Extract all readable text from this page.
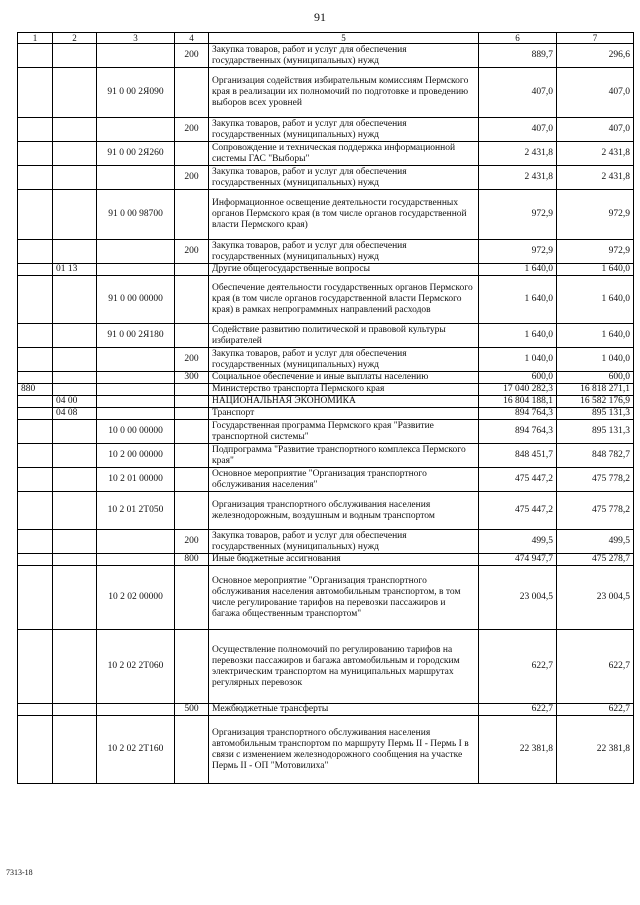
91
1	2	3	4	5	6	7
			200	Закупка товаров, работ и услуг для обеспечения государственных (муниципальных) нужд	889,7	296,6
		91 0 00 2Я090		Организация содействия избирательным комиссиям Пермского края в реализации их полномочий по подготовке и проведению выборов всех уровней	407,0	407,0
			200	Закупка товаров, работ и услуг для обеспечения государственных (муниципальных) нужд	407,0	407,0
		91 0 00 2Я260		Сопровождение и техническая поддержка информационной системы ГАС "Выборы"	2 431,8	2 431,8
			200	Закупка товаров, работ и услуг для обеспечения государственных (муниципальных) нужд	2 431,8	2 431,8
		91 0 00 98700		Информационное освещение деятельности государственных органов Пермского края (в том числе органов государственной власти Пермского края)	972,9	972,9
			200	Закупка товаров, работ и услуг для обеспечения государственных (муниципальных) нужд	972,9	972,9
	01 13			Другие общегосударственные вопросы	1 640,0	1 640,0
		91 0 00 00000		Обеспечение деятельности государственных органов Пермского края (в том числе органов государственной власти Пермского края) в рамках непрограммных направлений расходов	1 640,0	1 640,0
		91 0 00 2Я180		Содействие развитию политической и правовой культуры избирателей	1 640,0	1 640,0
			200	Закупка товаров, работ и услуг для обеспечения государственных (муниципальных) нужд	1 040,0	1 040,0
			300	Социальное обеспечение и иные выплаты населению	600,0	600,0
880				Министерство транспорта Пермского края	17 040 282,3	16 818 271,1
	04 00			НАЦИОНАЛЬНАЯ ЭКОНОМИКА	16 804 188,1	16 582 176,9
	04 08			Транспорт	894 764,3	895 131,3
		10 0 00 00000		Государственная программа Пермского края "Развитие транспортной системы"	894 764,3	895 131,3
		10 2 00 00000		Подпрограмма "Развитие транспортного комплекса Пермского края"	848 451,7	848 782,7
		10 2 01 00000		Основное мероприятие "Организация транспортного обслуживания населения"	475 447,2	475 778,2
		10 2 01 2Т050		Организация транспортного обслуживания населения железнодорожным, воздушным и водным транспортом	475 447,2	475 778,2
			200	Закупка товаров, работ и услуг для обеспечения государственных (муниципальных) нужд	499,5	499,5
			800	Иные бюджетные ассигнования	474 947,7	475 278,7
		10 2 02 00000		Основное мероприятие "Организация транспортного обслуживания населения автомобильным транспортом, в том числе регулирование тарифов на перевозки пассажиров и багажа общественным транспортом"	23 004,5	23 004,5
		10 2 02 2Т060		Осуществление полномочий по регулированию тарифов на перевозки пассажиров и багажа автомобильным и городским электрическим транспортом на муниципальных маршрутах регулярных перевозок	622,7	622,7
			500	Межбюджетные трансферты	622,7	622,7
		10 2 02 2Т160		Организация транспортного обслуживания населения автомобильным транспортом по маршруту Пермь II - Пермь I в связи с изменением железнодорожного сообщения на участке Пермь II - ОП "Мотовилиха"	22 381,8	22 381,8
7313-18
